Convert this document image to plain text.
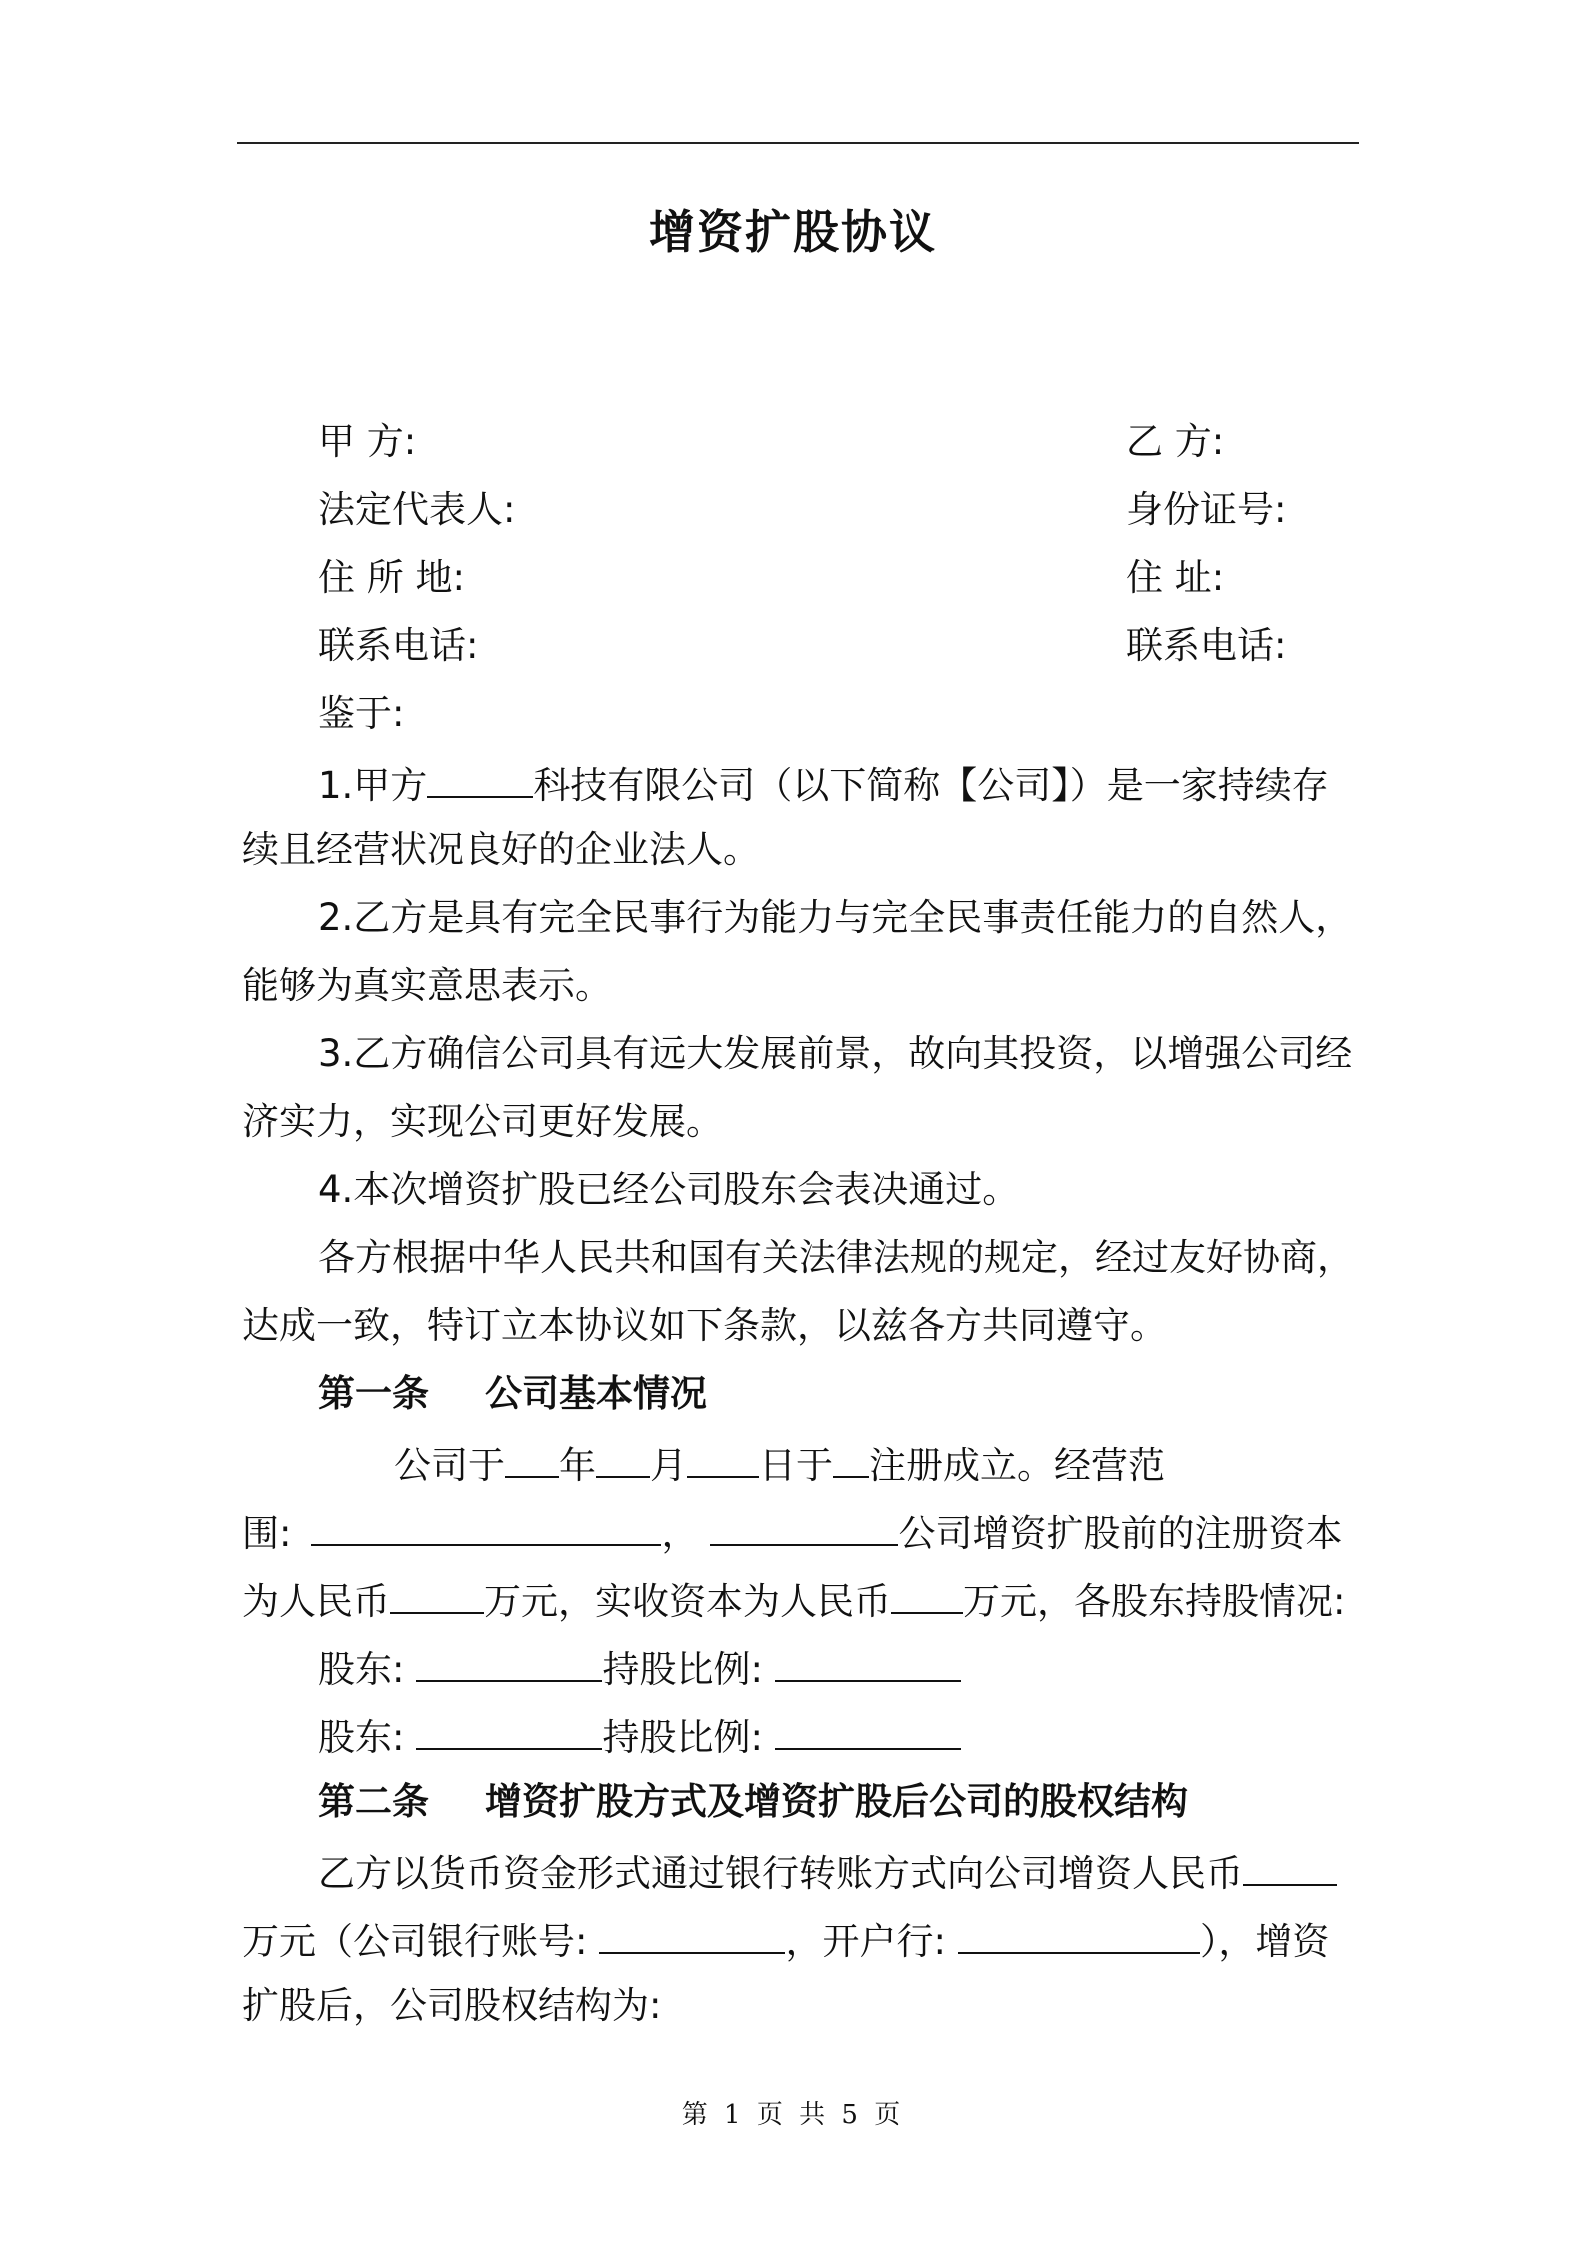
增资扩股协议
甲 方:	乙 方:
法定代表人:	身份证号:
住 所 地:	住 址:
联系电话:	联系电话:
鉴于:
1.甲方	科技有限公司（以下简称【公司】）是一家持续存
续且经营状况良好的企业法人。
2.乙方是具有完全民事行为能力与完全民事责任能力的自然人，
能够为真实意思表示。
3.乙方确信公司具有远大发展前景，故向其投资，以增强公司经
济实力，实现公司更好发展。
4.本次增资扩股已经公司股东会表决通过。
各方根据中华人民共和国有关法律法规的规定，经过友好协商，
达成一致，特订立本协议如下条款，以兹各方共同遵守。
第一条 公司基本情况
公司于 年 月 日于 注册成立。经营范
围:	，	公司增资扩股前的注册资本
为人民币	万元，实收资本为人民币 万元，各股东持股情况:
股东:	持股比例:
股东:	持股比例:
第二条 增资扩股方式及增资扩股后公司的股权结构
乙方以货币资金形式通过银行转账方式向公司增资人民币
万元（公司银行账号:	，开户行:	），增资
扩股后，公司股权结构为:
第 1 页 共 5 页
